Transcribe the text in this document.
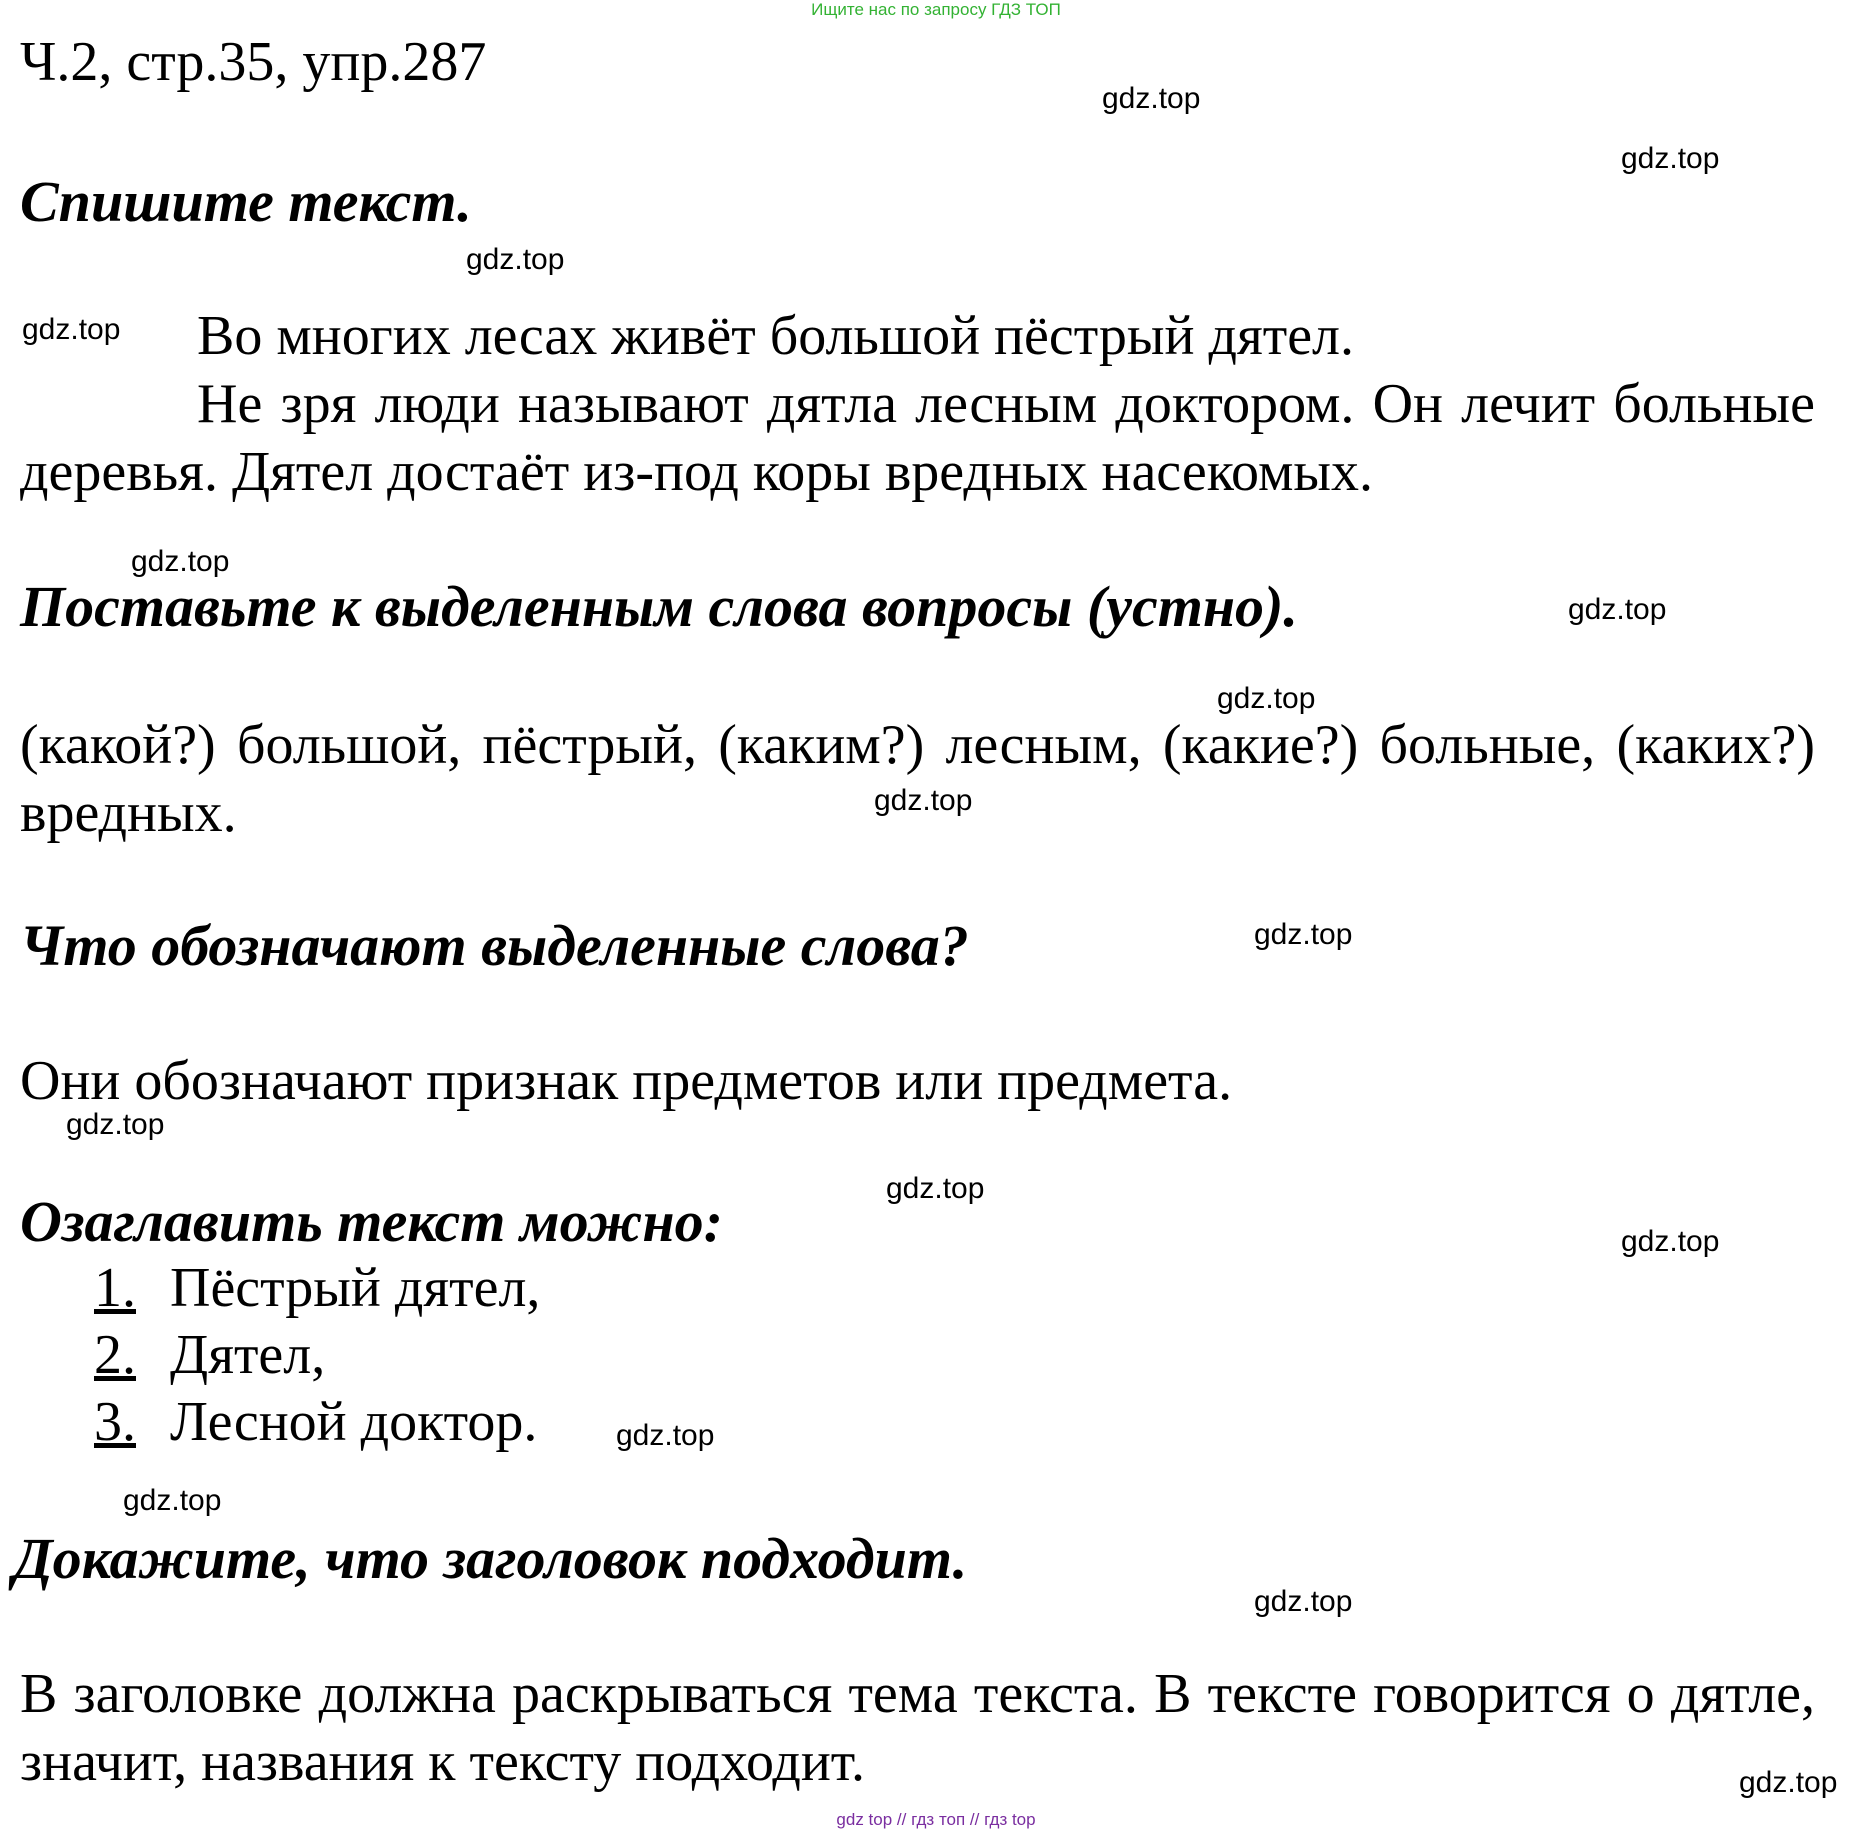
Ищите нас по запросу ГДЗ ТОП
Ч.2, стр.35, упр.287
Спишите текст.
Во многих лесах живёт большой пёстрый дятел.
Не зря люди называют дятла лесным доктором. Он лечит больные деревья. Дятел достаёт из-под коры вредных насекомых.
Поставьте к выделенным слова вопросы (устно).
(какой?) большой, пёстрый, (каким?) лесным, (какие?) больные, (каких?) вредных.
Что обозначают выделенные слова?
Они обозначают признак предметов или предмета.
Озаглавить текст можно:
1. Пёстрый дятел,
2. Дятел,
3. Лесной доктор.
Докажите, что заголовок подходит.
В заголовке должна раскрываться тема текста. В тексте говорится о дятле, значит, названия к тексту подходит.
gdz.top
gdz.top
gdz.top
gdz.top
gdz.top
gdz.top
gdz.top
gdz.top
gdz.top
gdz.top
gdz.top
gdz.top
gdz.top
gdz.top
gdz.top
gdz.top
gdz top // гдз топ // гдз top
